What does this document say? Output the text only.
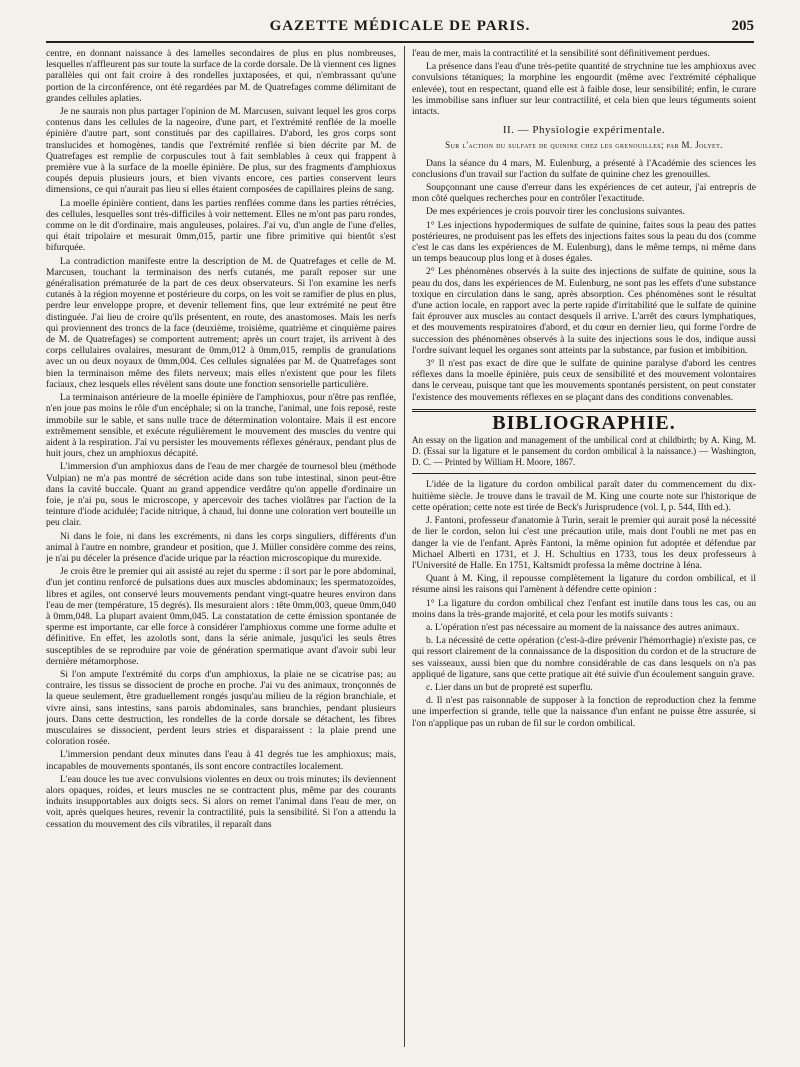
GAZETTE MÉDICALE DE PARIS.	205

centre, en donnant naissance à des lamelles secondaires de plus en plus nombreuses, lesquelles n'affleurent pas sur toute la surface de la corde dorsale. De là viennent ces lignes parallèles qui ont fait croire à des rondelles juxtaposées, et qui, n'embrassant qu'une portion de la circonférence, ont été regardées par M. de Quatrefages comme délimitant de grandes cellules aplaties.

Je ne saurais non plus partager l'opinion de M. Marcusen, suivant lequel les gros corps contenus dans les cellules de la nageoire, d'une part, et l'extrémité renflée de la moelle épinière d'autre part, sont constitués par des capillaires. D'abord, les gros corps sont translucides et homogènes, tandis que l'extrémité renflée si bien décrite par M. de Quatrefages est remplie de corpuscules tout à fait semblables à ceux qui frappent à première vue à la surface de la moelle épinière. De plus, sur des fragments d'amphioxus coupés depuis plusieurs jours, et bien vivants encore, ces parties conservent leurs dimensions, ce qui n'aurait pas lieu si elles étaient composées de capillaires pleins de sang.

La moelle épinière contient, dans les parties renflées comme dans les parties rétrécies, des cellules, lesquelles sont très-difficiles à voir nettement. Elles ne m'ont pas paru rondes, comme on le dit d'ordinaire, mais anguleuses, polaires. J'ai vu, d'un angle de l'une d'elles, qui était tripolaire et mesurait 0mm,015, partir une fibre primitive qui bientôt s'est bifurquée.

La contradiction manifeste entre la description de M. de Quatrefages et celle de M. Marcusen, touchant la terminaison des nerfs cutanés, me paraît reposer sur une généralisation prématurée de la part de ces deux observateurs. Si l'on examine les nerfs cutanés à la région moyenne et postérieure du corps, on les voit se ramifier de plus en plus, perdre leur enveloppe propre, et devenir tellement fins, que leur extrémité ne peut être distinguée. J'ai lieu de croire qu'ils présentent, en route, des anastomoses. Mais les nerfs qui proviennent des troncs de la face (deuxième, troisième, quatrième et cinquième paires de M. de Quatrefages) se comportent autrement; après un court trajet, ils arrivent à des corps cellulaires ovalaires, mesurant de 0mm,012 à 0mm,015, remplis de granulations avec un ou deux noyaux de 0mm,004. Ces cellules signalées par M. de Quatrefages sont bien la terminaison même des filets nerveux; mais elles n'existent que pour les filets faciaux, chez lesquels elles révèlent sans doute une fonction sensorielle particulière.

La terminaison antérieure de la moelle épinière de l'amphioxus, pour n'être pas renflée, n'en joue pas moins le rôle d'un encéphale; si on la tranche, l'animal, une fois reposé, reste immobile sur le sable, et sans nulle trace de détermination volontaire. Mais il est encore extrêmement sensible, et exécute régulièrement le mouvement des muscles du ventre qui aident à la respiration. J'ai vu persister les mouvements réflexes généraux, pendant plus de huit jours, chez un amphioxus décapité.

L'immersion d'un amphioxus dans de l'eau de mer chargée de tournesol bleu (méthode Vulpian) ne m'a pas montré de sécrétion acide dans son tube intestinal, sinon peut-être dans la cavité buccale. Quant au grand appendice verdâtre qu'on appelle d'ordinaire un foie, je n'ai pu, sous le microscope, y apercevoir des taches violâtres par l'action de la teinture d'iode acidulée; l'acide nitrique, à chaud, lui donne une coloration vert bouteille un peu clair.

Ni dans le foie, ni dans les excréments, ni dans les corps singuliers, différents d'un animal à l'autre en nombre, grandeur et position, que J. Müller considère comme des reins, je n'ai pu déceler la présence d'acide urique par la réaction microscopique du murexide.

Je crois être le premier qui ait assisté au rejet du sperme : il sort par le pore abdominal, d'un jet continu renforcé de pulsations dues aux muscles abdominaux; les spermatozoïdes, libres et agiles, ont conservé leurs mouvements pendant vingt-quatre heures environ dans l'eau de mer (température, 15 degrés). Ils mesuraient alors : tête 0mm,003, queue 0mm,040 à 0mm,048. La plupart avaient 0mm,045. La constatation de cette émission spontanée de sperme est importante, car elle force à considérer l'amphioxus comme une forme adulte et définitive. En effet, les azolotls sont, dans la série animale, jusqu'ici les seuls êtres susceptibles de se reproduire par voie de génération spermatique avant d'avoir subi leur dernière métamorphose.

Si l'on ampute l'extrémité du corps d'un amphioxus, la plaie ne se cicatrise pas; au contraire, les tissus se dissocient de proche en proche. J'ai vu des animaux, tronçonnés de la queue seulement, être graduellement rongés jusqu'au milieu de la région branchiale, et vivre ainsi, sans intestins, sans parois abdominales, sans branchies, pendant plusieurs jours. Dans cette destruction, les rondelles de la corde dorsale se détachent, les fibres musculaires se dissocient, perdent leurs stries et disparaissent : la plaie prend une coloration rosée.

L'immersion pendant deux minutes dans l'eau à 41 degrés tue les amphioxus; mais, incapables de mouvements spontanés, ils sont encore contractiles localement.

L'eau douce les tue avec convulsions violentes en deux ou trois minutes; ils deviennent alors opaques, roides, et leurs muscles ne se contractent plus, même par des courants induits insupportables aux doigts secs. Si alors on remet l'animal dans l'eau de mer, on voit, après quelques heures, revenir la contractilité, puis la sensibilité. Si l'on a attendu la cessation du mouvement des cils vibratiles, il reparaît dans

l'eau de mer, mais la contractilité et la sensibilité sont définitivement perdues.

La présence dans l'eau d'une très-petite quantité de strychnine tue les amphioxus avec convulsions tétaniques; la morphine les engourdit (même avec l'extrémité céphalique enlevée), tout en respectant, quand elle est à faible dose, leur sensibilité; enfin, le curare les immobilise sans influer sur leur contractilité, et cela bien que leurs téguments soient intacts.

II. — Physiologie expérimentale.
Sur l'action du sulfate de quinine chez les grenouilles; par M. Jolyet.

Dans la séance du 4 mars, M. Eulenburg, a présenté à l'Académie des sciences les conclusions d'un travail sur l'action du sulfate de quinine chez les grenouilles.

Soupçonnant une cause d'erreur dans les expériences de cet auteur, j'ai entrepris de mon côté quelques recherches pour en contrôler l'exactitude.

De mes expériences je crois pouvoir tirer les conclusions suivantes.

1° Les injections hypodermiques de sulfate de quinine, faites sous la peau des pattes postérieures, ne produisent pas les effets des injections faites sous la peau du dos (comme c'est le cas dans les expériences de M. Eulenburg), dans le même temps, ni même dans un temps beaucoup plus long et à doses égales.

2° Les phénomènes observés à la suite des injections de sulfate de quinine, sous la peau du dos, dans les expériences de M. Eulenburg, ne sont pas les effets d'une substance toxique en circulation dans le sang, après absorption. Ces phénomènes sont le résultat d'une action locale, en rapport avec la perte rapide d'irritabilité que le sulfate de quinine fait éprouver aux muscles au contact desquels il arrive. L'arrêt des cœurs lymphatiques, et des mouvements respiratoires d'abord, et du cœur en dernier lieu, qui forme l'ordre de succession des phénomènes observés à la suite des injections sous le dos, indique aussi l'ordre suivant lequel les organes sont atteints par la substance, par fusion et imbibition.

3° Il n'est pas exact de dire que le sulfate de quinine paralyse d'abord les centres réflexes dans la moelle épinière, puis ceux de sensibilité et des mouvement volontaires dans le cerveau, puisque tant que les mouvements spontanés persistent, on peut constater l'existence des mouvements réflexes en se plaçant dans des conditions convenables.

BIBLIOGRAPHIE.

An essay on the ligation and management of the umbilical cord at childbirth; by A. King, M. D. (Essai sur la ligature et le pansement du cordon ombilical à la naissance.) — Washington, D. C. — Printed by William H. Moore, 1867.

L'idée de la ligature du cordon ombilical paraît dater du commencement du dix-huitième siècle. Je trouve dans le travail de M. King une courte note sur l'historique de cette opération; cette note est tirée de Beck's Jurisprudence (vol. I, p. 544, IIth ed.).

J. Fantoni, professeur d'anatomie à Turin, serait le premier qui aurait posé la nécessité de lier le cordon, selon lui c'est une précaution utile, mais dont l'oubli ne met pas en danger la vie de l'enfant. Après Fantoni, la même opinion fut adoptée et défendue par Michael Alberti en 1731, et J. H. Schultius en 1733, tous les deux professeurs à l'Université de Halle. En 1751, Kaltsmidt professa la même doctrine à Iéna.

Quant à M. King, il repousse complètement la ligature du cordon ombilical, et il résume ainsi les raisons qui l'amènent à défendre cette opinion :

1° La ligature du cordon ombilical chez l'enfant est inutile dans tous les cas, ou au moins dans la très-grande majorité, et cela pour les motifs suivants :

a. L'opération n'est pas nécessaire au moment de la naissance des autres animaux.

b. La nécessité de cette opération (c'est-à-dire prévenir l'hémorrhagie) n'existe pas, ce qui ressort clairement de la connaissance de la disposition du cordon et de la structure de ses vaisseaux, aussi bien que du nombre considérable de cas dans lesquels on n'a pas appliqué de ligature, sans que cette pratique ait été suivie d'un écoulement sanguin grave.

c. Lier dans un but de propreté est superflu.

d. Il n'est pas raisonnable de supposer à la fonction de reproduction chez la femme une imperfection si grande, telle que la naissance d'un enfant ne puisse être assurée, si l'on n'applique pas un ruban de fil sur le cordon ombilical.
